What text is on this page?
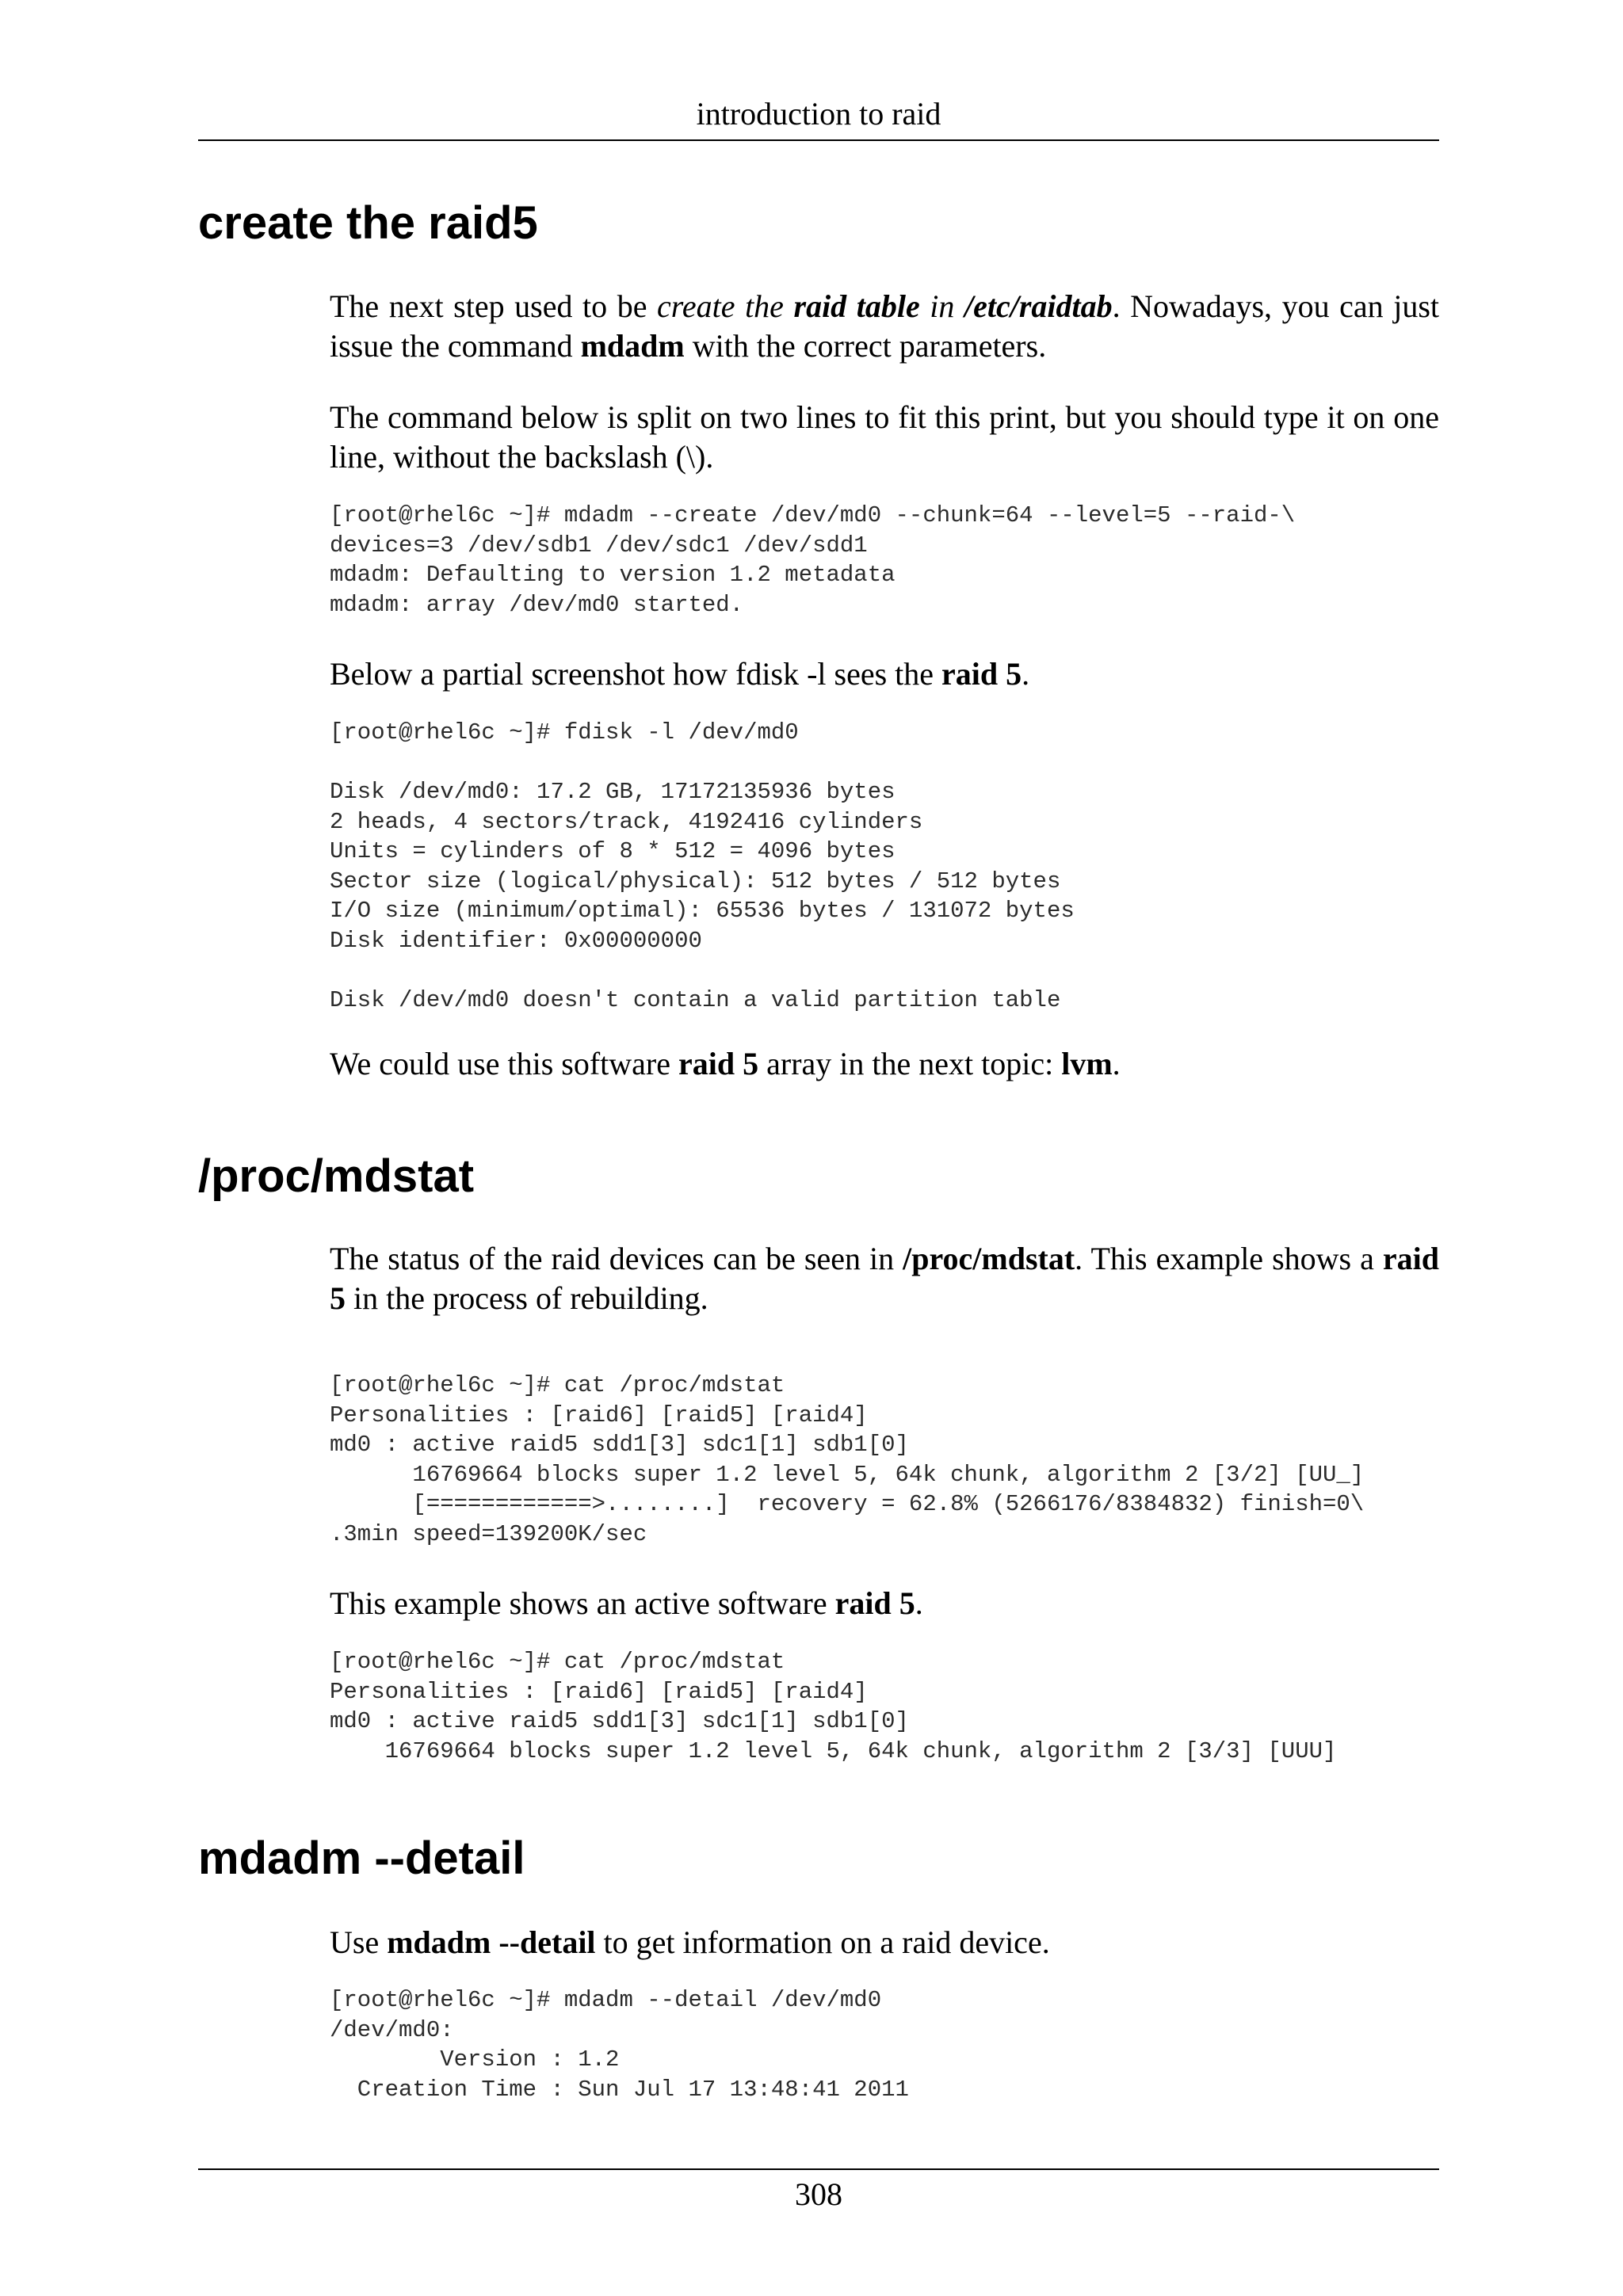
introduction to raid
create the raid5

The next step used to be create the raid table in /etc/raidtab. Nowadays, you can just issue the command mdadm with the correct parameters.

The command below is split on two lines to fit this print, but you should type it on one line, without the backslash (\).

[root@rhel6c ~]# mdadm --create /dev/md0 --chunk=64 --level=5 --raid-\
devices=3 /dev/sdb1 /dev/sdc1 /dev/sdd1
mdadm: Defaulting to version 1.2 metadata
mdadm: array /dev/md0 started.

Below a partial screenshot how fdisk -l sees the raid 5.

[root@rhel6c ~]# fdisk -l /dev/md0

Disk /dev/md0: 17.2 GB, 17172135936 bytes
2 heads, 4 sectors/track, 4192416 cylinders
Units = cylinders of 8 * 512 = 4096 bytes
Sector size (logical/physical): 512 bytes / 512 bytes
I/O size (minimum/optimal): 65536 bytes / 131072 bytes
Disk identifier: 0x00000000

Disk /dev/md0 doesn't contain a valid partition table

We could use this software raid 5 array in the next topic: lvm.

/proc/mdstat

The status of the raid devices can be seen in /proc/mdstat. This example shows a raid 5 in the process of rebuilding.

[root@rhel6c ~]# cat /proc/mdstat
Personalities : [raid6] [raid5] [raid4]
md0 : active raid5 sdd1[3] sdc1[1] sdb1[0]
16769664 blocks super 1.2 level 5, 64k chunk, algorithm 2 [3/2] [UU_]
[============>........]  recovery = 62.8% (5266176/8384832) finish=0\
.3min speed=139200K/sec

This example shows an active software raid 5.

[root@rhel6c ~]# cat /proc/mdstat
Personalities : [raid6] [raid5] [raid4]
md0 : active raid5 sdd1[3] sdc1[1] sdb1[0]
16769664 blocks super 1.2 level 5, 64k chunk, algorithm 2 [3/3] [UUU]
mdadm --detail

Use mdadm --detail to get information on a raid device.

[root@rhel6c ~]# mdadm --detail /dev/md0
/dev/md0:
Version : 1.2
Creation Time : Sun Jul 17 13:48:41 2011
308
